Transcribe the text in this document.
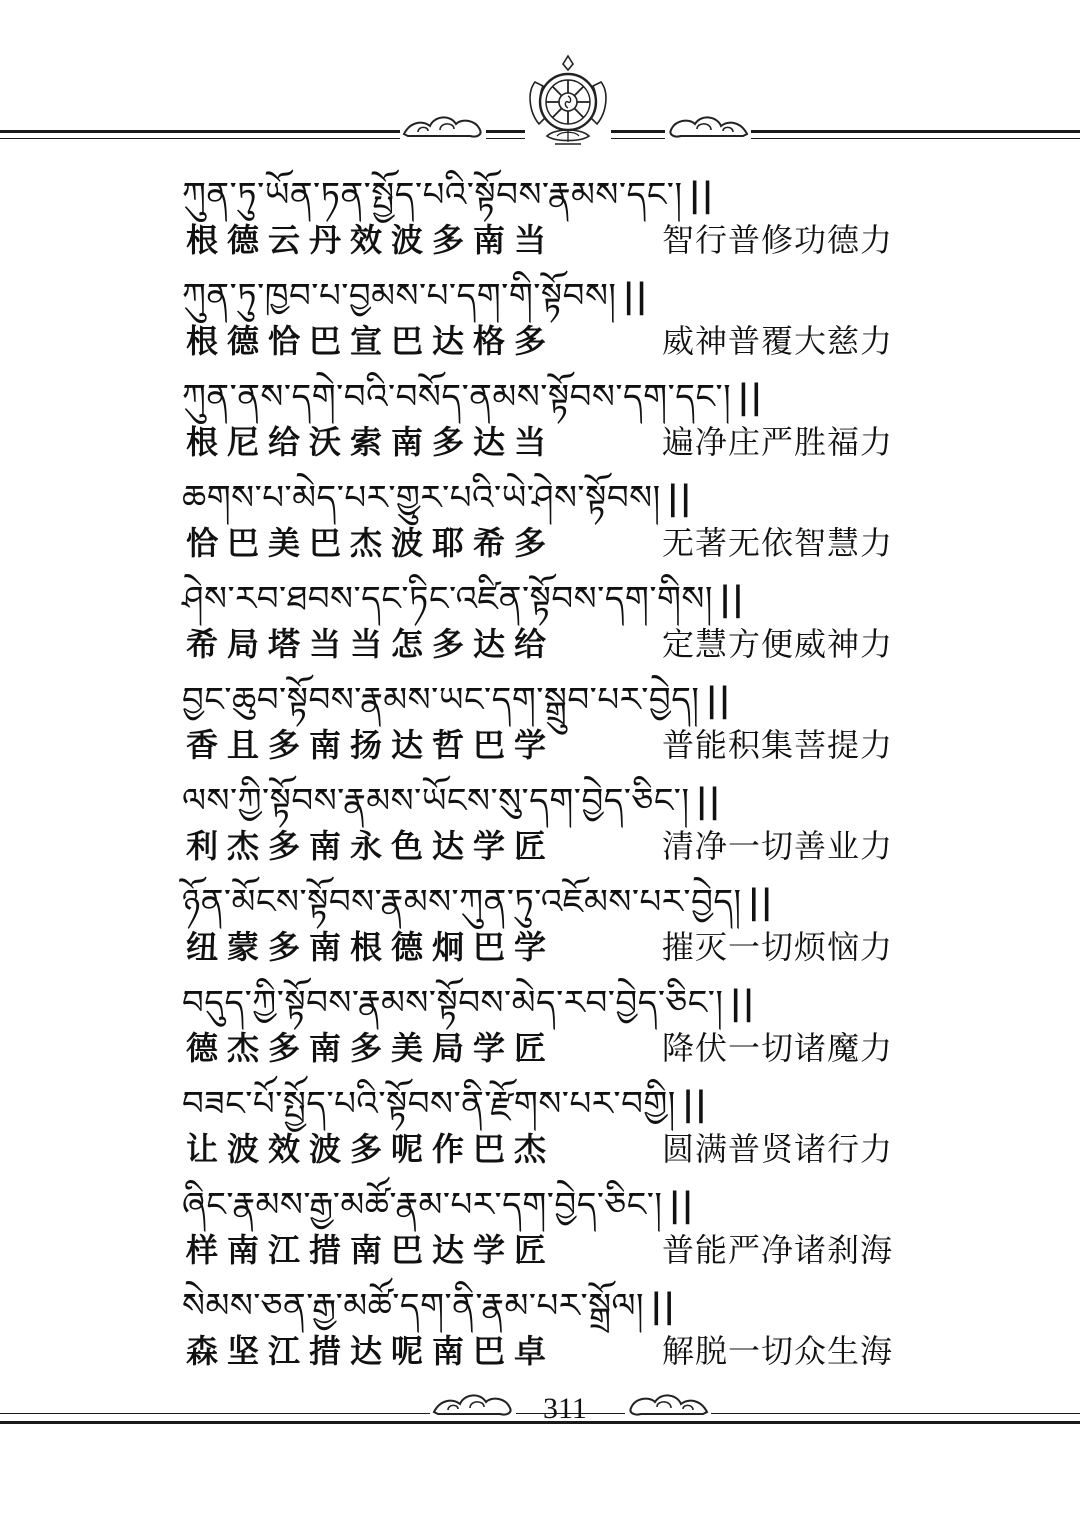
ཀུན་ཏུ་ཡོན་ཏན་སྤྱོད་པའི་སྟོབས་རྣམས་དང་། ||
根德云丹效波多南当	智行普修功德力
ཀུན་ཏུ་ཁྱབ་པ་བྱམས་པ་དག་གི་སྟོབས། ||
根德恰巴宣巴达格多	威神普覆大慈力
ཀུན་ནས་དགེ་བའི་བསོད་ནམས་སྟོབས་དག་དང་། ||
根尼给沃索南多达当	遍净庄严胜福力
ཆགས་པ་མེད་པར་གྱུར་པའི་ཡེ་ཤེས་སྟོབས། ||
恰巴美巴杰波耶希多	无著无依智慧力
ཤེས་རབ་ཐབས་དང་ཏིང་འཛིན་སྟོབས་དག་གིས། ||
希局塔当当怎多达给	定慧方便威神力
བྱང་ཆུབ་སྟོབས་རྣམས་ཡང་དག་སྒྲུབ་པར་བྱེད། ||
香且多南扬达哲巴学	普能积集菩提力
ལས་ཀྱི་སྟོབས་རྣམས་ཡོངས་སུ་དག་བྱེད་ཅིང་། ||
利杰多南永色达学匠	清净一切善业力
ཉོན་མོངས་སྟོབས་རྣམས་ཀུན་ཏུ་འཇོམས་པར་བྱེད། ||
纽蒙多南根德炯巴学	摧灭一切烦恼力
བདུད་ཀྱི་སྟོབས་རྣམས་སྟོབས་མེད་རབ་བྱེད་ཅིང་། ||
德杰多南多美局学匠	降伏一切诸魔力
བཟང་པོ་སྤྱོད་པའི་སྟོབས་ནི་རྫོགས་པར་བགྱི། ||
让波效波多呢作巴杰	圆满普贤诸行力
ཞིང་རྣམས་རྒྱ་མཚོ་རྣམ་པར་དག་བྱེད་ཅིང་། ||
样南江措南巴达学匠	普能严净诸刹海
སེམས་ཅན་རྒྱ་མཚོ་དག་ནི་རྣམ་པར་སྒྲོལ། ||
森坚江措达呢南巴卓	解脱一切众生海
311
